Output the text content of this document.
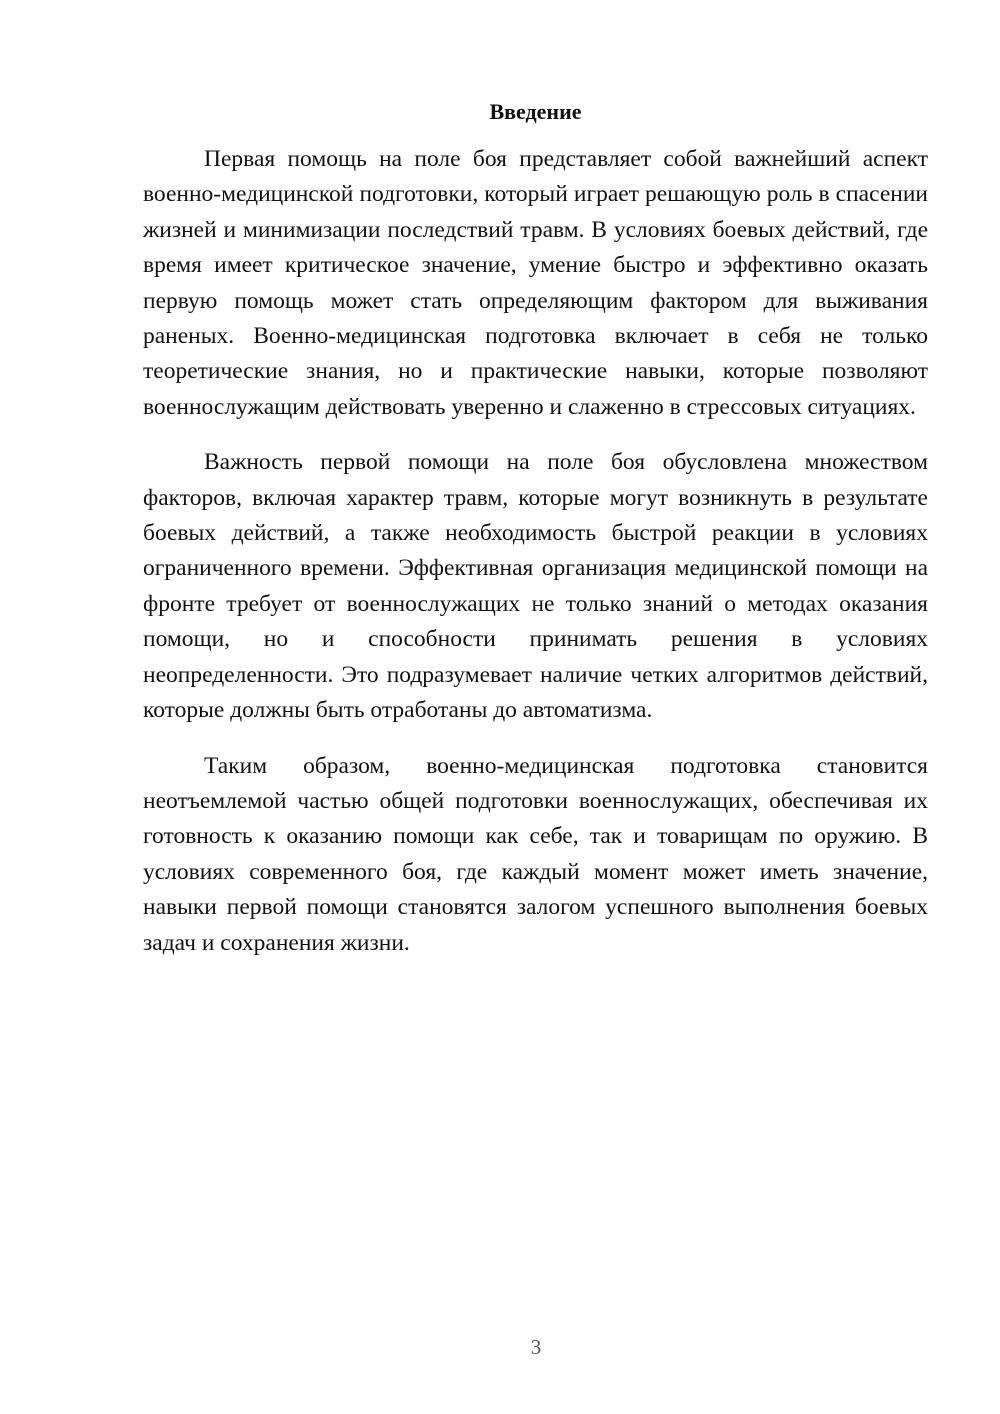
Введение

Первая помощь на поле боя представляет собой важнейший аспект военно-медицинской подготовки, который играет решающую роль в спасении жизней и минимизации последствий травм. В условиях боевых действий, где время имеет критическое значение, умение быстро и эффективно оказать первую помощь может стать определяющим фактором для выживания раненых. Военно-медицинская подготовка включает в себя не только теоретические знания, но и практические навыки, которые позволяют военнослужащим действовать уверенно и слаженно в стрессовых ситуациях.

Важность первой помощи на поле боя обусловлена множеством факторов, включая характер травм, которые могут возникнуть в результате боевых действий, а также необходимость быстрой реакции в условиях ограниченного времени. Эффективная организация медицинской помощи на фронте требует от военнослужащих не только знаний о методах оказания помощи, но и способности принимать решения в условиях неопределенности. Это подразумевает наличие четких алгоритмов действий, которые должны быть отработаны до автоматизма.

Таким образом, военно-медицинская подготовка становится неотъемлемой частью общей подготовки военнослужащих, обеспечивая их готовность к оказанию помощи как себе, так и товарищам по оружию. В условиях современного боя, где каждый момент может иметь значение, навыки первой помощи становятся залогом успешного выполнения боевых задач и сохранения жизни.

3
